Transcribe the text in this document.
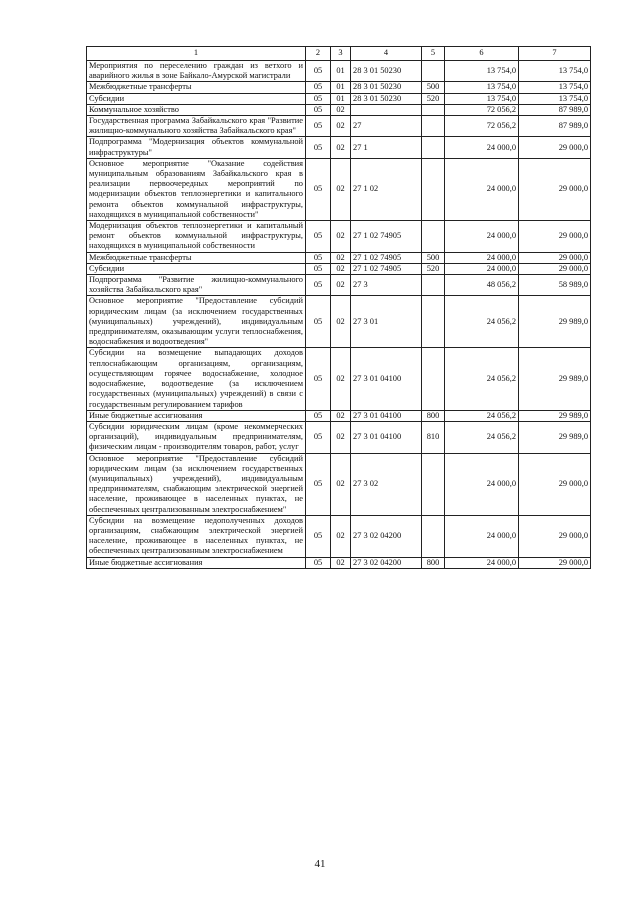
1	2	3	4	5	6	7
Мероприятия по переселению граждан из ветхого и аварийного жилья в зоне Байкало-Амурской магистрали	05	01	28 3 01 50230		13 754,0	13 754,0
Межбюджетные трансферты	05	01	28 3 01 50230	500	13 754,0	13 754,0
Субсидии	05	01	28 3 01 50230	520	13 754,0	13 754,0
Коммунальное хозяйство	05	02			72 056,2	87 989,0
Государственная программа Забайкальского края "Развитие жилищно-коммунального хозяйства Забайкальского края"	05	02	27		72 056,2	87 989,0
Подпрограмма "Модернизация объектов коммунальной инфраструктуры"	05	02	27 1		24 000,0	29 000,0
Основное мероприятие "Оказание содействия муниципальным образованиям Забайкальского края в реализации первоочередных мероприятий по модернизации объектов теплоэнергетики и капитального ремонта объектов коммунальной инфраструктуры, находящихся в муниципальной собственности"	05	02	27 1 02		24 000,0	29 000,0
Модернизация объектов теплоэнергетики и капитальный ремонт объектов коммунальной инфраструктуры, находящихся в муниципальной собственности	05	02	27 1 02 74905		24 000,0	29 000,0
Межбюджетные трансферты	05	02	27 1 02 74905	500	24 000,0	29 000,0
Субсидии	05	02	27 1 02 74905	520	24 000,0	29 000,0
Подпрограмма "Развитие жилищно-коммунального хозяйства Забайкальского края"	05	02	27 3		48 056,2	58 989,0
Основное мероприятие "Предоставление субсидий юридическим лицам (за исключением государственных (муниципальных) учреждений), индивидуальным предпринимателям, оказывающим услуги теплоснабжения, водоснабжения и водоотведения"	05	02	27 3 01		24 056,2	29 989,0
Субсидии на возмещение выпадающих доходов теплоснабжающим организациям, организациям, осуществляющим горячее водоснабжение, холодное водоснабжение, водоотведение (за исключением государственных (муниципальных) учреждений) в связи с государственным регулированием тарифов	05	02	27 3 01 04100		24 056,2	29 989,0
Иные бюджетные ассигнования	05	02	27 3 01 04100	800	24 056,2	29 989,0
Субсидии юридическим лицам (кроме некоммерческих организаций), индивидуальным предпринимателям, физическим лицам - производителям товаров, работ, услуг	05	02	27 3 01 04100	810	24 056,2	29 989,0
Основное мероприятие "Предоставление субсидий юридическим лицам (за исключением государственных (муниципальных) учреждений), индивидуальным предпринимателям, снабжающим электрической энергией население, проживающее в населенных пунктах, не обеспеченных централизованным электроснабжением"	05	02	27 3 02		24 000,0	29 000,0
Субсидии на возмещение недополученных доходов организациям, снабжающим электрической энергией население, проживающее в населенных пунктах, не обеспеченных централизованным электроснабжением	05	02	27 3 02 04200		24 000,0	29 000,0
Иные бюджетные ассигнования	05	02	27 3 02 04200	800	24 000,0	29 000,0
41
